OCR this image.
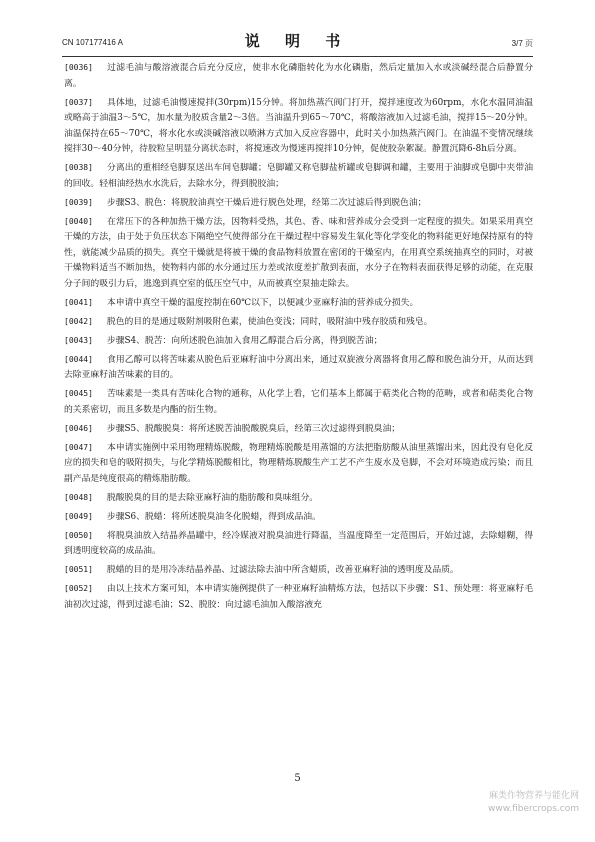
CN 107177416 A	说 明 书	3/7 页

[0036] 过滤毛油与酸溶液混合后充分反应，使非水化磷脂转化为水化磷脂，然后定量加入水或淡碱经混合后静置分离。

[0037] 具体地，过滤毛油慢速搅拌(30rpm)15分钟。将加热蒸汽阀门打开，搅拌速度改为60rpm，水化水温同油温或略高于油温3～5℃，加水量为胶质含量2～3倍。当油温升到65～70℃，将酸溶液加入过滤毛油，搅拌15～20分钟。油温保持在65～70℃，将水化水或淡碱溶液以喷淋方式加入反应容器中，此时关小加热蒸汽阀门。在油温不变情况继续搅拌30～40分钟，待胶粒呈明显分离状态时，将搅速改为慢速再搅拌10分钟，促使胶杂絮凝。静置沉降6-8h后分离。

[0038] 分离出的重相经皂脚泵送出车间皂脚罐；皂脚罐又称皂脚盐析罐或皂脚调和罐，主要用于油脚或皂脚中夹带油的回收。轻相油经热水水洗后，去除水分，得到脱胶油；

[0039] 步骤S3、脱色：将脱胶油真空干燥后进行脱色处理，经第二次过滤后得到脱色油；

[0040] 在常压下的各种加热干燥方法，因物料受热，其色、香、味和营养成分会受到一定程度的损失。如果采用真空干燥的方法，由于处于负压状态下隔绝空气使得部分在干燥过程中容易发生氧化等化学变化的物料能更好地保持原有的特性，就能减少品质的损失。真空干燥就是将被干燥的食品物料放置在密闭的干燥室内，在用真空系统抽真空的同时，对被干燥物料适当不断加热，使物料内部的水分通过压力差或浓度差扩散到表面，水分子在物料表面获得足够的动能，在克服分子间的吸引力后，逃逸到真空室的低压空气中，从而被真空泵抽走除去。

[0041] 本申请中真空干燥的温度控制在60℃以下，以便减少亚麻籽油的营养成分损失。

[0042] 脱色的目的是通过吸附剂吸附色素，使油色变浅；同时，吸附油中残存胶质和残皂。

[0043] 步骤S4、脱苦：向所述脱色油加入食用乙醇混合后分离，得到脱苦油；

[0044] 食用乙醇可以将苦味素从脱色后亚麻籽油中分离出来，通过双旋液分离器将食用乙醇和脱色油分开，从而达到去除亚麻籽油苦味素的目的。

[0045] 苦味素是一类具有苦味化合物的通称，从化学上看，它们基本上都属于萜类化合物的范畴，或者和萜类化合物的关系密切，而且多数是内酯的衍生物。

[0046] 步骤S5、脱酸脱臭：将所述脱苦油脱酸脱臭后，经第三次过滤得到脱臭油；

[0047] 本申请实施例中采用物理精炼脱酸，物理精炼脱酸是用蒸馏的方法把脂肪酸从油里蒸馏出来，因此没有皂化反应的损失和皂的吸附损失，与化学精炼脱酸相比，物理精炼脱酸生产工艺不产生废水及皂脚，不会对环境造成污染；而且副产品是纯度很高的精炼脂肪酸。

[0048] 脱酸脱臭的目的是去除亚麻籽油的脂肪酸和臭味组分。

[0049] 步骤S6、脱蜡：将所述脱臭油冬化脱蜡，得到成品油。

[0050] 将脱臭油放入结晶养晶罐中，经冷媒液对脱臭油进行降温，当温度降至一定范围后，开始过滤，去除蜡糊，得到透明度较高的成品油。

[0051] 脱蜡的目的是用冷冻结晶养晶、过滤法除去油中所含蜡质，改善亚麻籽油的透明度及品质。

[0052] 由以上技术方案可知，本申请实施例提供了一种亚麻籽油精炼方法，包括以下步骤：S1、预处理：将亚麻籽毛油初次过滤，得到过滤毛油；S2、脱胶：向过滤毛油加入酸溶液充

5
麻类作物营养与能化网
www.fibercrops.com
